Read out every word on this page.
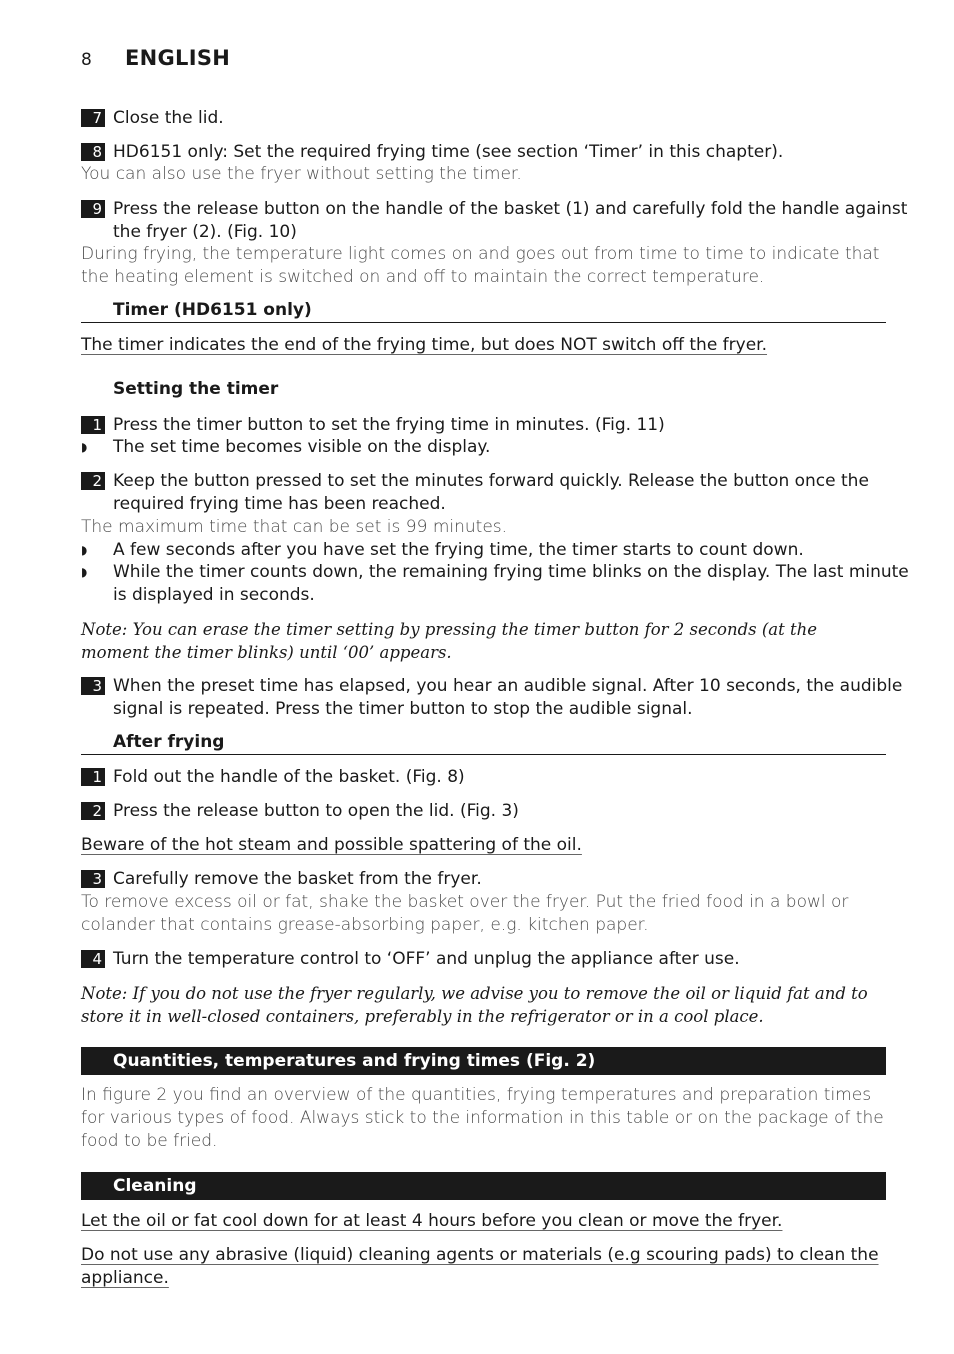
8 ENGLISH
7 Close the lid.
8 HD6151 only: Set the required frying time (see section ‘Timer’ in this chapter).
You can also use the fryer without setting the timer.
9 Press the release button on the handle of the basket (1) and carefully fold the handle against the fryer (2). (Fig. 10)
During frying, the temperature light comes on and goes out from time to time to indicate that the heating element is switched on and off to maintain the correct temperature.
Timer (HD6151 only)
The timer indicates the end of the frying time, but does NOT switch off the fryer.
Setting the timer
1 Press the timer button to set the frying time in minutes. (Fig. 11)
◗ The set time becomes visible on the display.
2 Keep the button pressed to set the minutes forward quickly. Release the button once the required frying time has been reached.
The maximum time that can be set is 99 minutes.
◗ A few seconds after you have set the frying time, the timer starts to count down.
◗ While the timer counts down, the remaining frying time blinks on the display. The last minute is displayed in seconds.
Note: You can erase the timer setting by pressing the timer button for 2 seconds (at the moment the timer blinks) until ‘00’ appears.
3 When the preset time has elapsed, you hear an audible signal. After 10 seconds, the audible signal is repeated. Press the timer button to stop the audible signal.
After frying
1 Fold out the handle of the basket. (Fig. 8)
2 Press the release button to open the lid. (Fig. 3)
Beware of the hot steam and possible spattering of the oil.
3 Carefully remove the basket from the fryer.
To remove excess oil or fat, shake the basket over the fryer. Put the fried food in a bowl or colander that contains grease-absorbing paper, e.g. kitchen paper.
4 Turn the temperature control to ‘OFF’ and unplug the appliance after use.
Note: If you do not use the fryer regularly, we advise you to remove the oil or liquid fat and to store it in well-closed containers, preferably in the refrigerator or in a cool place.
Quantities, temperatures and frying times (Fig. 2)
In figure 2 you find an overview of the quantities, frying temperatures and preparation times for various types of food. Always stick to the information in this table or on the package of the food to be fried.
Cleaning
Let the oil or fat cool down for at least 4 hours before you clean or move the fryer.
Do not use any abrasive (liquid) cleaning agents or materials (e.g scouring pads) to clean the appliance.
